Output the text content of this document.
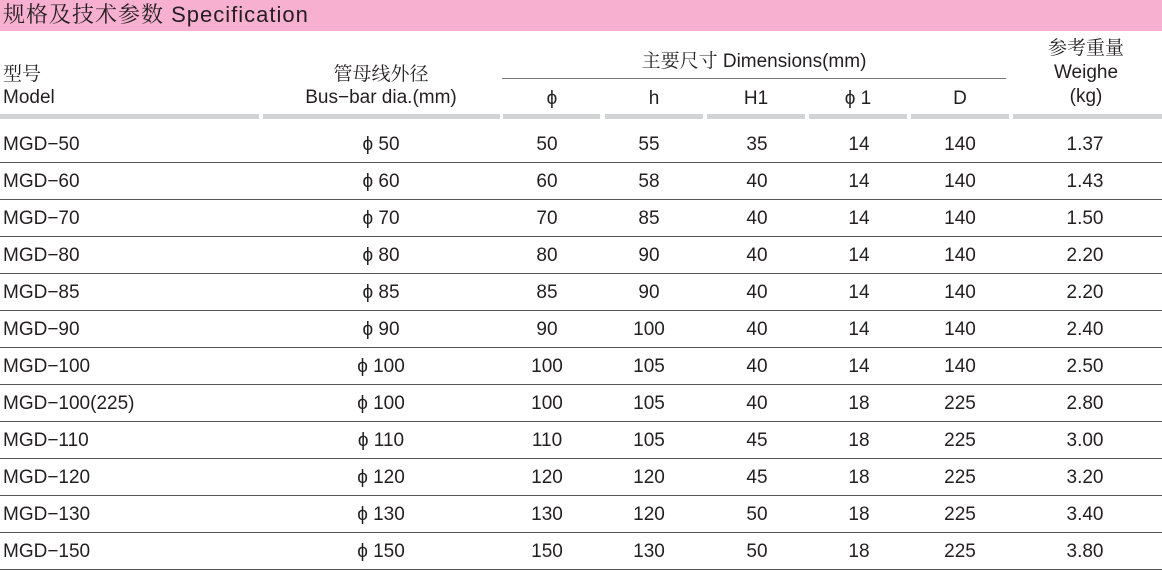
规格及技术参数 Specification
型号
Model
管母线外径
Bus−bar dia.(mm)
主要尺寸 Dimensions(mm)
ϕ	h	H1	ϕ 1	D
参考重量
Weighe
(kg)
MGD−50	ϕ 50	50	55	35	14	140	1.37
MGD−60	ϕ 60	60	58	40	14	140	1.43
MGD−70	ϕ 70	70	85	40	14	140	1.50
MGD−80	ϕ 80	80	90	40	14	140	2.20
MGD−85	ϕ 85	85	90	40	14	140	2.20
MGD−90	ϕ 90	90	100	40	14	140	2.40
MGD−100	ϕ 100	100	105	40	14	140	2.50
MGD−100(225)	ϕ 100	100	105	40	18	225	2.80
MGD−110	ϕ 110	110	105	45	18	225	3.00
MGD−120	ϕ 120	120	120	45	18	225	3.20
MGD−130	ϕ 130	130	120	50	18	225	3.40
MGD−150	ϕ 150	150	130	50	18	225	3.80
